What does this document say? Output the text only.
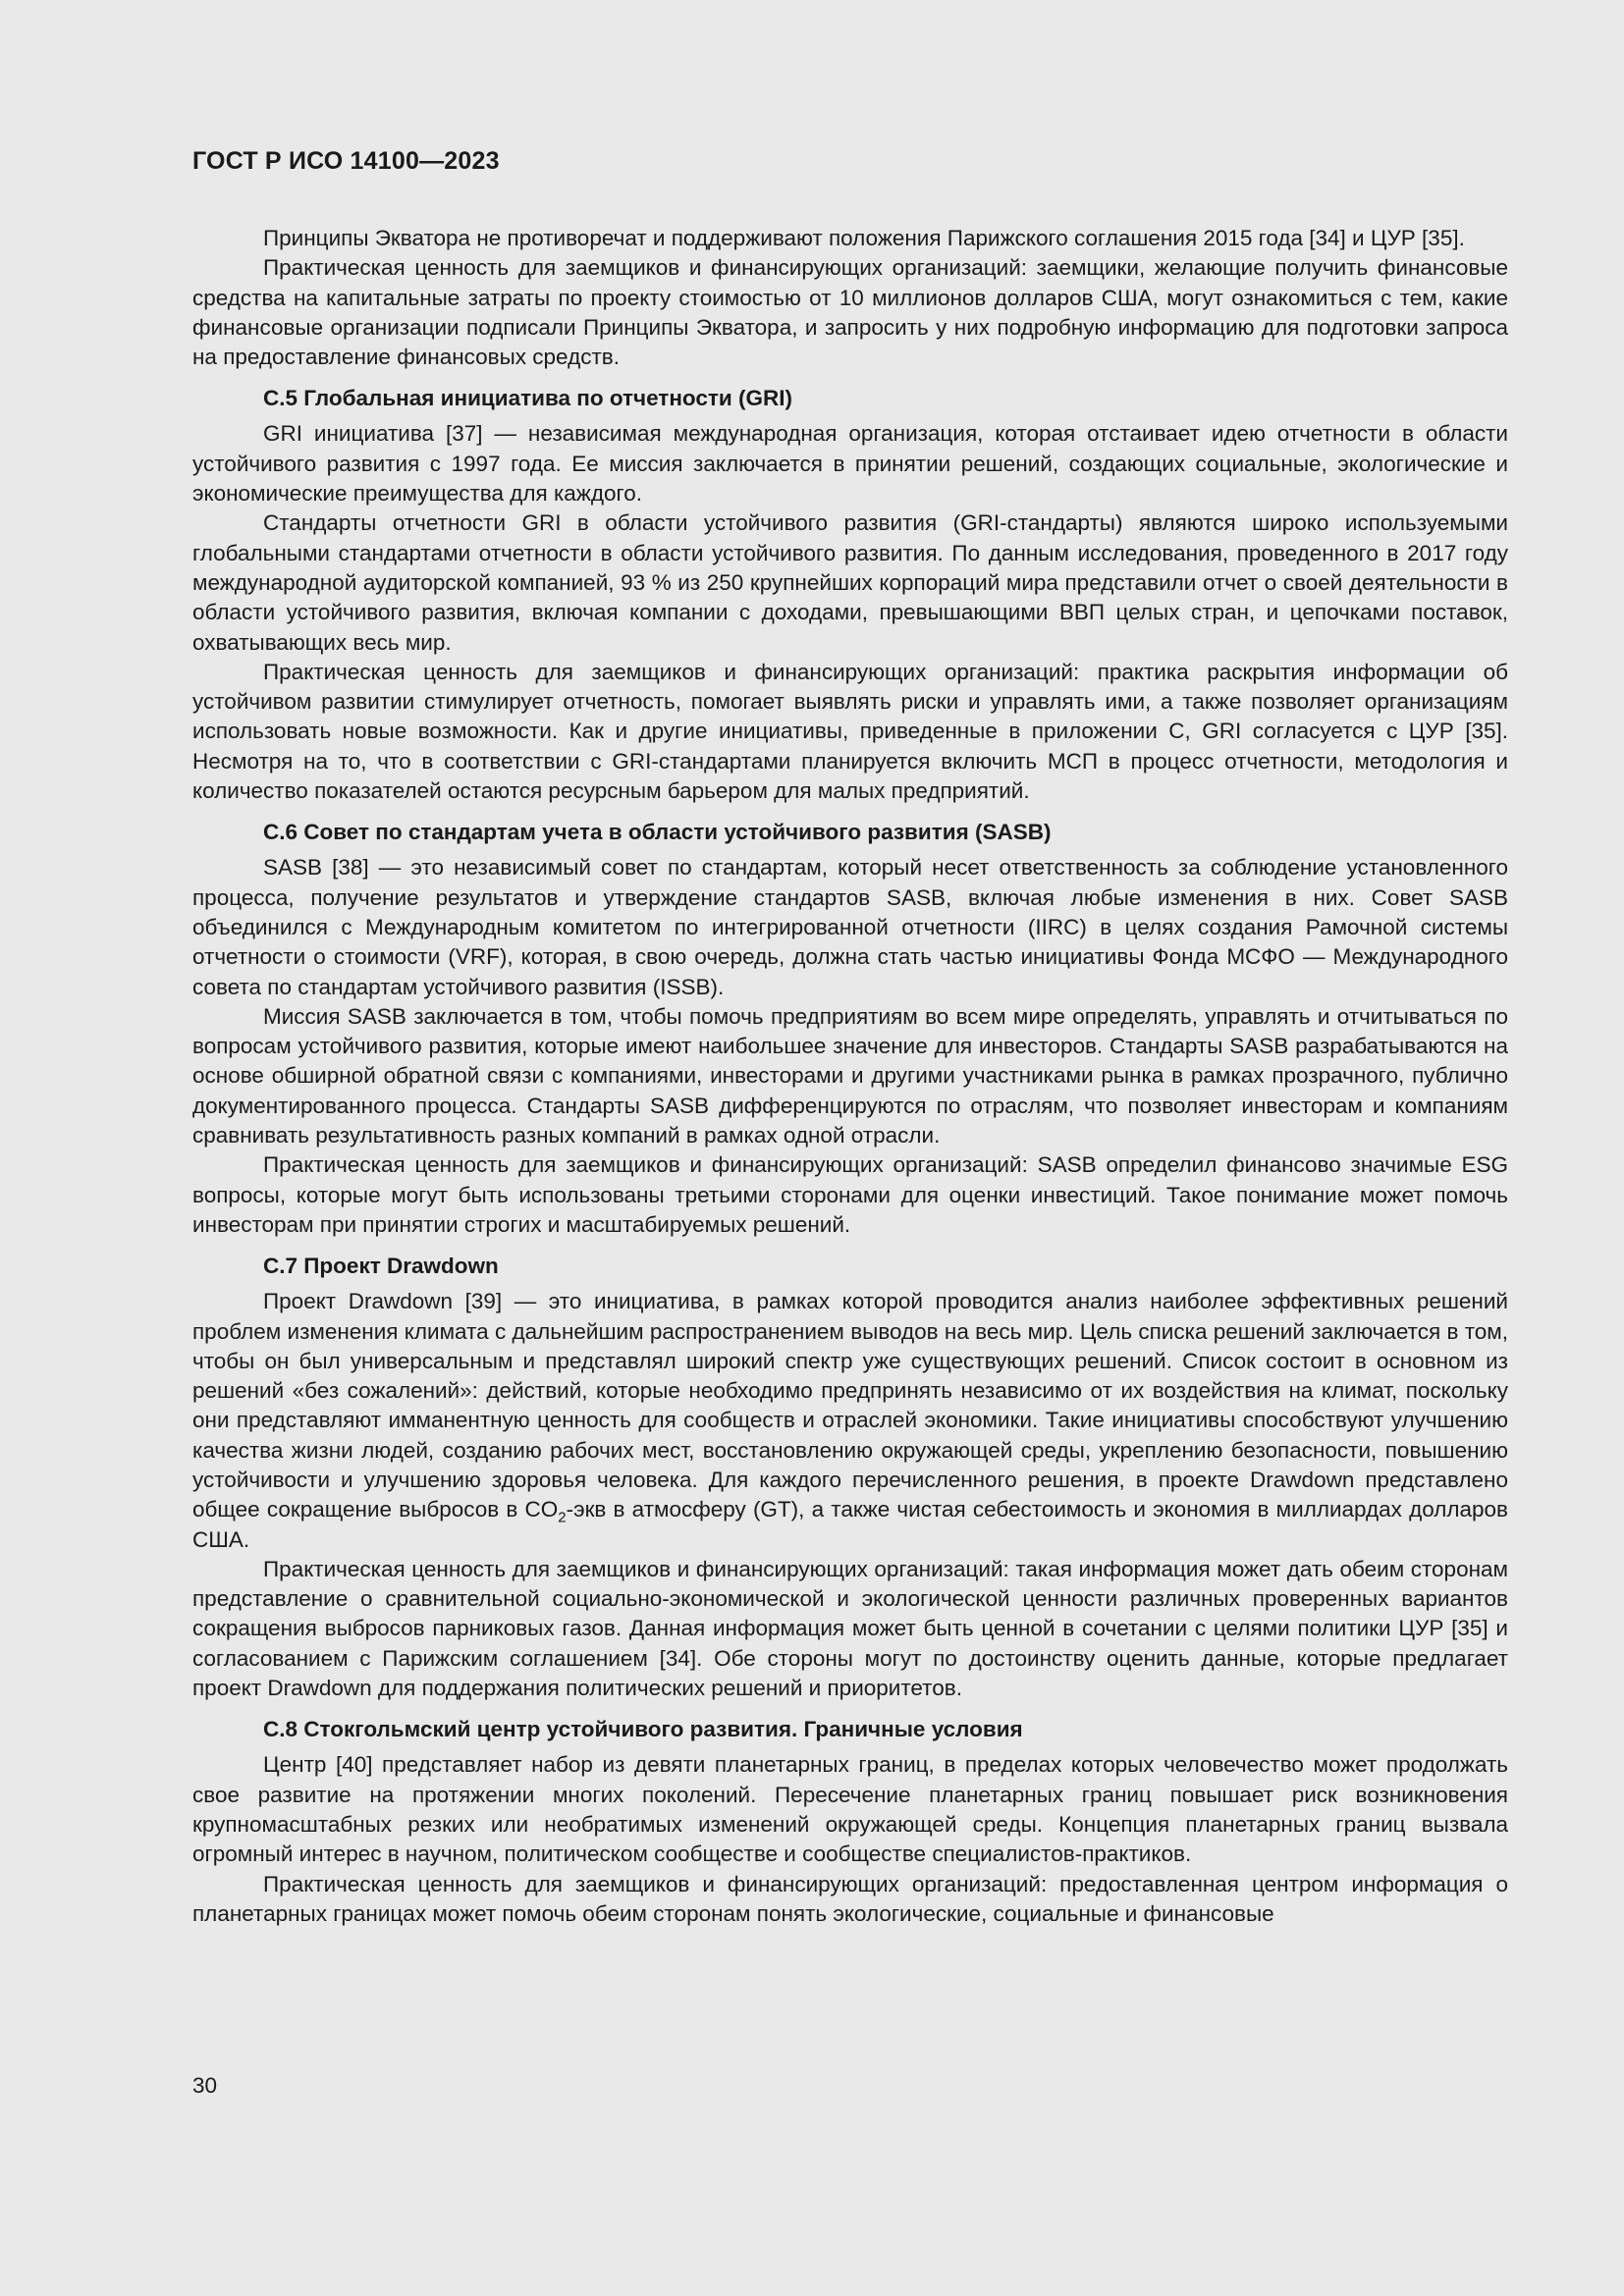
ГОСТ Р ИСО 14100—2023

Принципы Экватора не противоречат и поддерживают положения Парижского соглашения 2015 года [34] и ЦУР [35].

Практическая ценность для заемщиков и финансирующих организаций: заемщики, желающие получить финансовые средства на капитальные затраты по проекту стоимостью от 10 миллионов долларов США, могут ознакомиться с тем, какие финансовые организации подписали Принципы Экватора, и запросить у них подробную информацию для подготовки запроса на предоставление финансовых средств.

С.5 Глобальная инициатива по отчетности (GRI)

GRI инициатива [37] — независимая международная организация, которая отстаивает идею отчетности в области устойчивого развития с 1997 года. Ее миссия заключается в принятии решений, создающих социальные, экологические и экономические преимущества для каждого.

Стандарты отчетности GRI в области устойчивого развития (GRI-стандарты) являются широко используемыми глобальными стандартами отчетности в области устойчивого развития. По данным исследования, проведенного в 2017 году международной аудиторской компанией, 93 % из 250 крупнейших корпораций мира представили отчет о своей деятельности в области устойчивого развития, включая компании с доходами, превышающими ВВП целых стран, и цепочками поставок, охватывающих весь мир.

Практическая ценность для заемщиков и финансирующих организаций: практика раскрытия информации об устойчивом развитии стимулирует отчетность, помогает выявлять риски и управлять ими, а также позволяет организациям использовать новые возможности. Как и другие инициативы, приведенные в приложении С, GRI согласуется с ЦУР [35]. Несмотря на то, что в соответствии с GRI-стандартами планируется включить МСП в процесс отчетности, методология и количество показателей остаются ресурсным барьером для малых предприятий.

С.6 Совет по стандартам учета в области устойчивого развития (SASB)

SASB [38] — это независимый совет по стандартам, который несет ответственность за соблюдение установленного процесса, получение результатов и утверждение стандартов SASB, включая любые изменения в них. Совет SASB объединился с Международным комитетом по интегрированной отчетности (IIRC) в целях создания Рамочной системы отчетности о стоимости (VRF), которая, в свою очередь, должна стать частью инициативы Фонда МСФО — Международного совета по стандартам устойчивого развития (ISSB).

Миссия SASB заключается в том, чтобы помочь предприятиям во всем мире определять, управлять и отчитываться по вопросам устойчивого развития, которые имеют наибольшее значение для инвесторов. Стандарты SASB разрабатываются на основе обширной обратной связи с компаниями, инвесторами и другими участниками рынка в рамках прозрачного, публично документированного процесса. Стандарты SASB дифференцируются по отраслям, что позволяет инвесторам и компаниям сравнивать результативность разных компаний в рамках одной отрасли.

Практическая ценность для заемщиков и финансирующих организаций: SASB определил финансово значимые ESG вопросы, которые могут быть использованы третьими сторонами для оценки инвестиций. Такое понимание может помочь инвесторам при принятии строгих и масштабируемых решений.

С.7 Проект Drawdown

Проект Drawdown [39] — это инициатива, в рамках которой проводится анализ наиболее эффективных решений проблем изменения климата с дальнейшим распространением выводов на весь мир. Цель списка решений заключается в том, чтобы он был универсальным и представлял широкий спектр уже существующих решений. Список состоит в основном из решений «без сожалений»: действий, которые необходимо предпринять независимо от их воздействия на климат, поскольку они представляют имманентную ценность для сообществ и отраслей экономики. Такие инициативы способствуют улучшению качества жизни людей, созданию рабочих мест, восстановлению окружающей среды, укреплению безопасности, повышению устойчивости и улучшению здоровья человека. Для каждого перечисленного решения, в проекте Drawdown представлено общее сокращение выбросов в $CO_2$-экв в атмосферу (GT), а также чистая себестоимость и экономия в миллиардах долларов США.

Практическая ценность для заемщиков и финансирующих организаций: такая информация может дать обеим сторонам представление о сравнительной социально-экономической и экологической ценности различных проверенных вариантов сокращения выбросов парниковых газов. Данная информация может быть ценной в сочетании с целями политики ЦУР [35] и согласованием с Парижским соглашением [34]. Обе стороны могут по достоинству оценить данные, которые предлагает проект Drawdown для поддержания политических решений и приоритетов.

С.8 Стокгольмский центр устойчивого развития. Граничные условия

Центр [40] представляет набор из девяти планетарных границ, в пределах которых человечество может продолжать свое развитие на протяжении многих поколений. Пересечение планетарных границ повышает риск возникновения крупномасштабных резких или необратимых изменений окружающей среды. Концепция планетарных границ вызвала огромный интерес в научном, политическом сообществе и сообществе специалистов-практиков.

Практическая ценность для заемщиков и финансирующих организаций: предоставленная центром информация о планетарных границах может помочь обеим сторонам понять экологические, социальные и финансовые

30
